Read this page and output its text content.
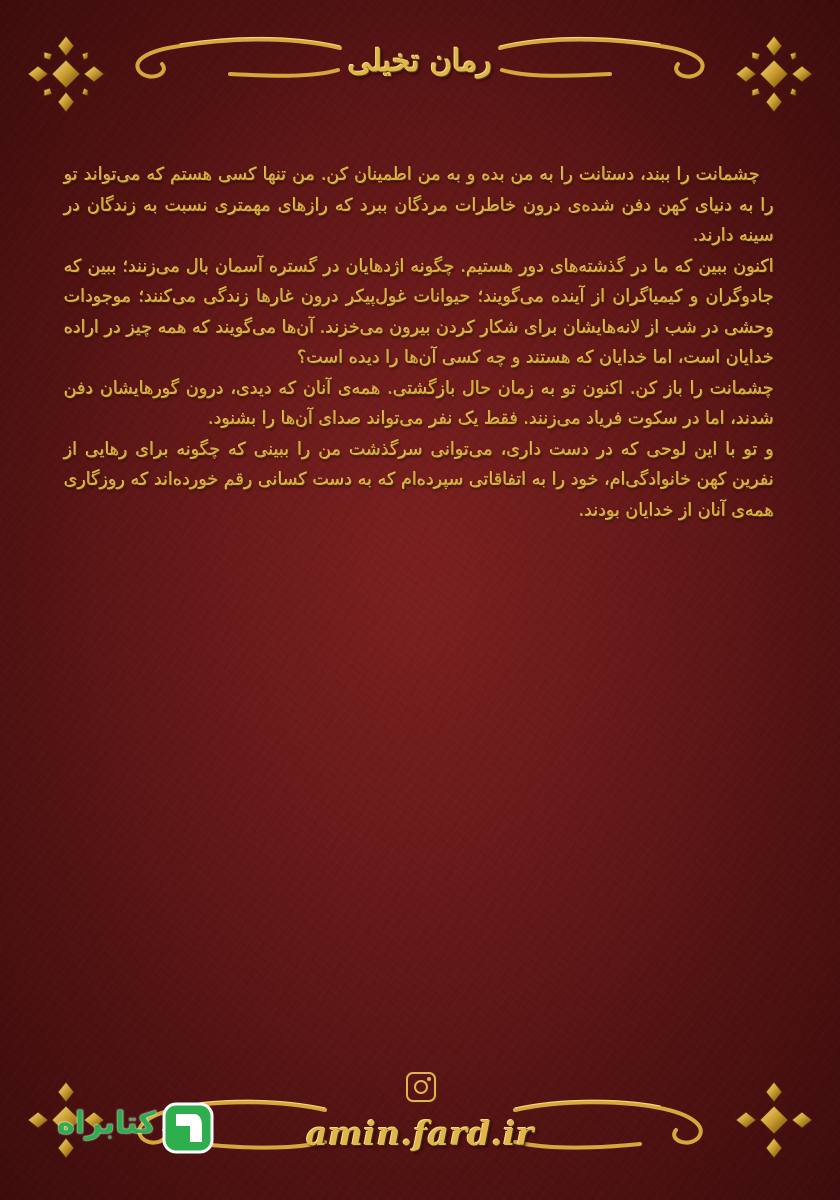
رمان تخیلی

چشمانت را ببند، دستانت را به من بده و به من اطمینان کن. من تنها کسی هستم که می‌تواند تو را به دنیای کهن دفن شده‌ی درون خاطرات مردگان ببرد که رازهای مهمتری نسبت به زندگان در سینه دارند.

اکنون ببین که ما در گذشته‌های دور هستیم. چگونه اژدهایان در گستره آسمان بال می‌زنند؛ ببین که جادوگران و کیمیاگران از آینده می‌گویند؛ حیوانات غول‌پیکر درون غارها زندگی می‌کنند؛ موجودات وحشی در شب از لانه‌هایشان برای شکار کردن بیرون می‌خزند. آن‌ها می‌گویند که همه چیز در اراده خدایان است، اما خدایان که هستند و چه کسی آن‌ها را دیده است؟

چشمانت را باز کن. اکنون تو به زمان حال بازگشتی. همه‌ی آنان که دیدی، درون گورهایشان دفن شدند، اما در سکوت فریاد می‌زنند. فقط یک نفر می‌تواند صدای آن‌ها را بشنود.

و تو با این لوحی که در دست داری، می‌توانی سرگذشت من را ببینی که چگونه برای رهایی از نفرین کهن خانوادگی‌ام، خود را به اتفاقاتی سپرده‌ام که به دست کسانی رقم خورده‌اند که روزگاری همه‌ی آنان از خدایان بودند.

amin.fard.ir
کتابراه
